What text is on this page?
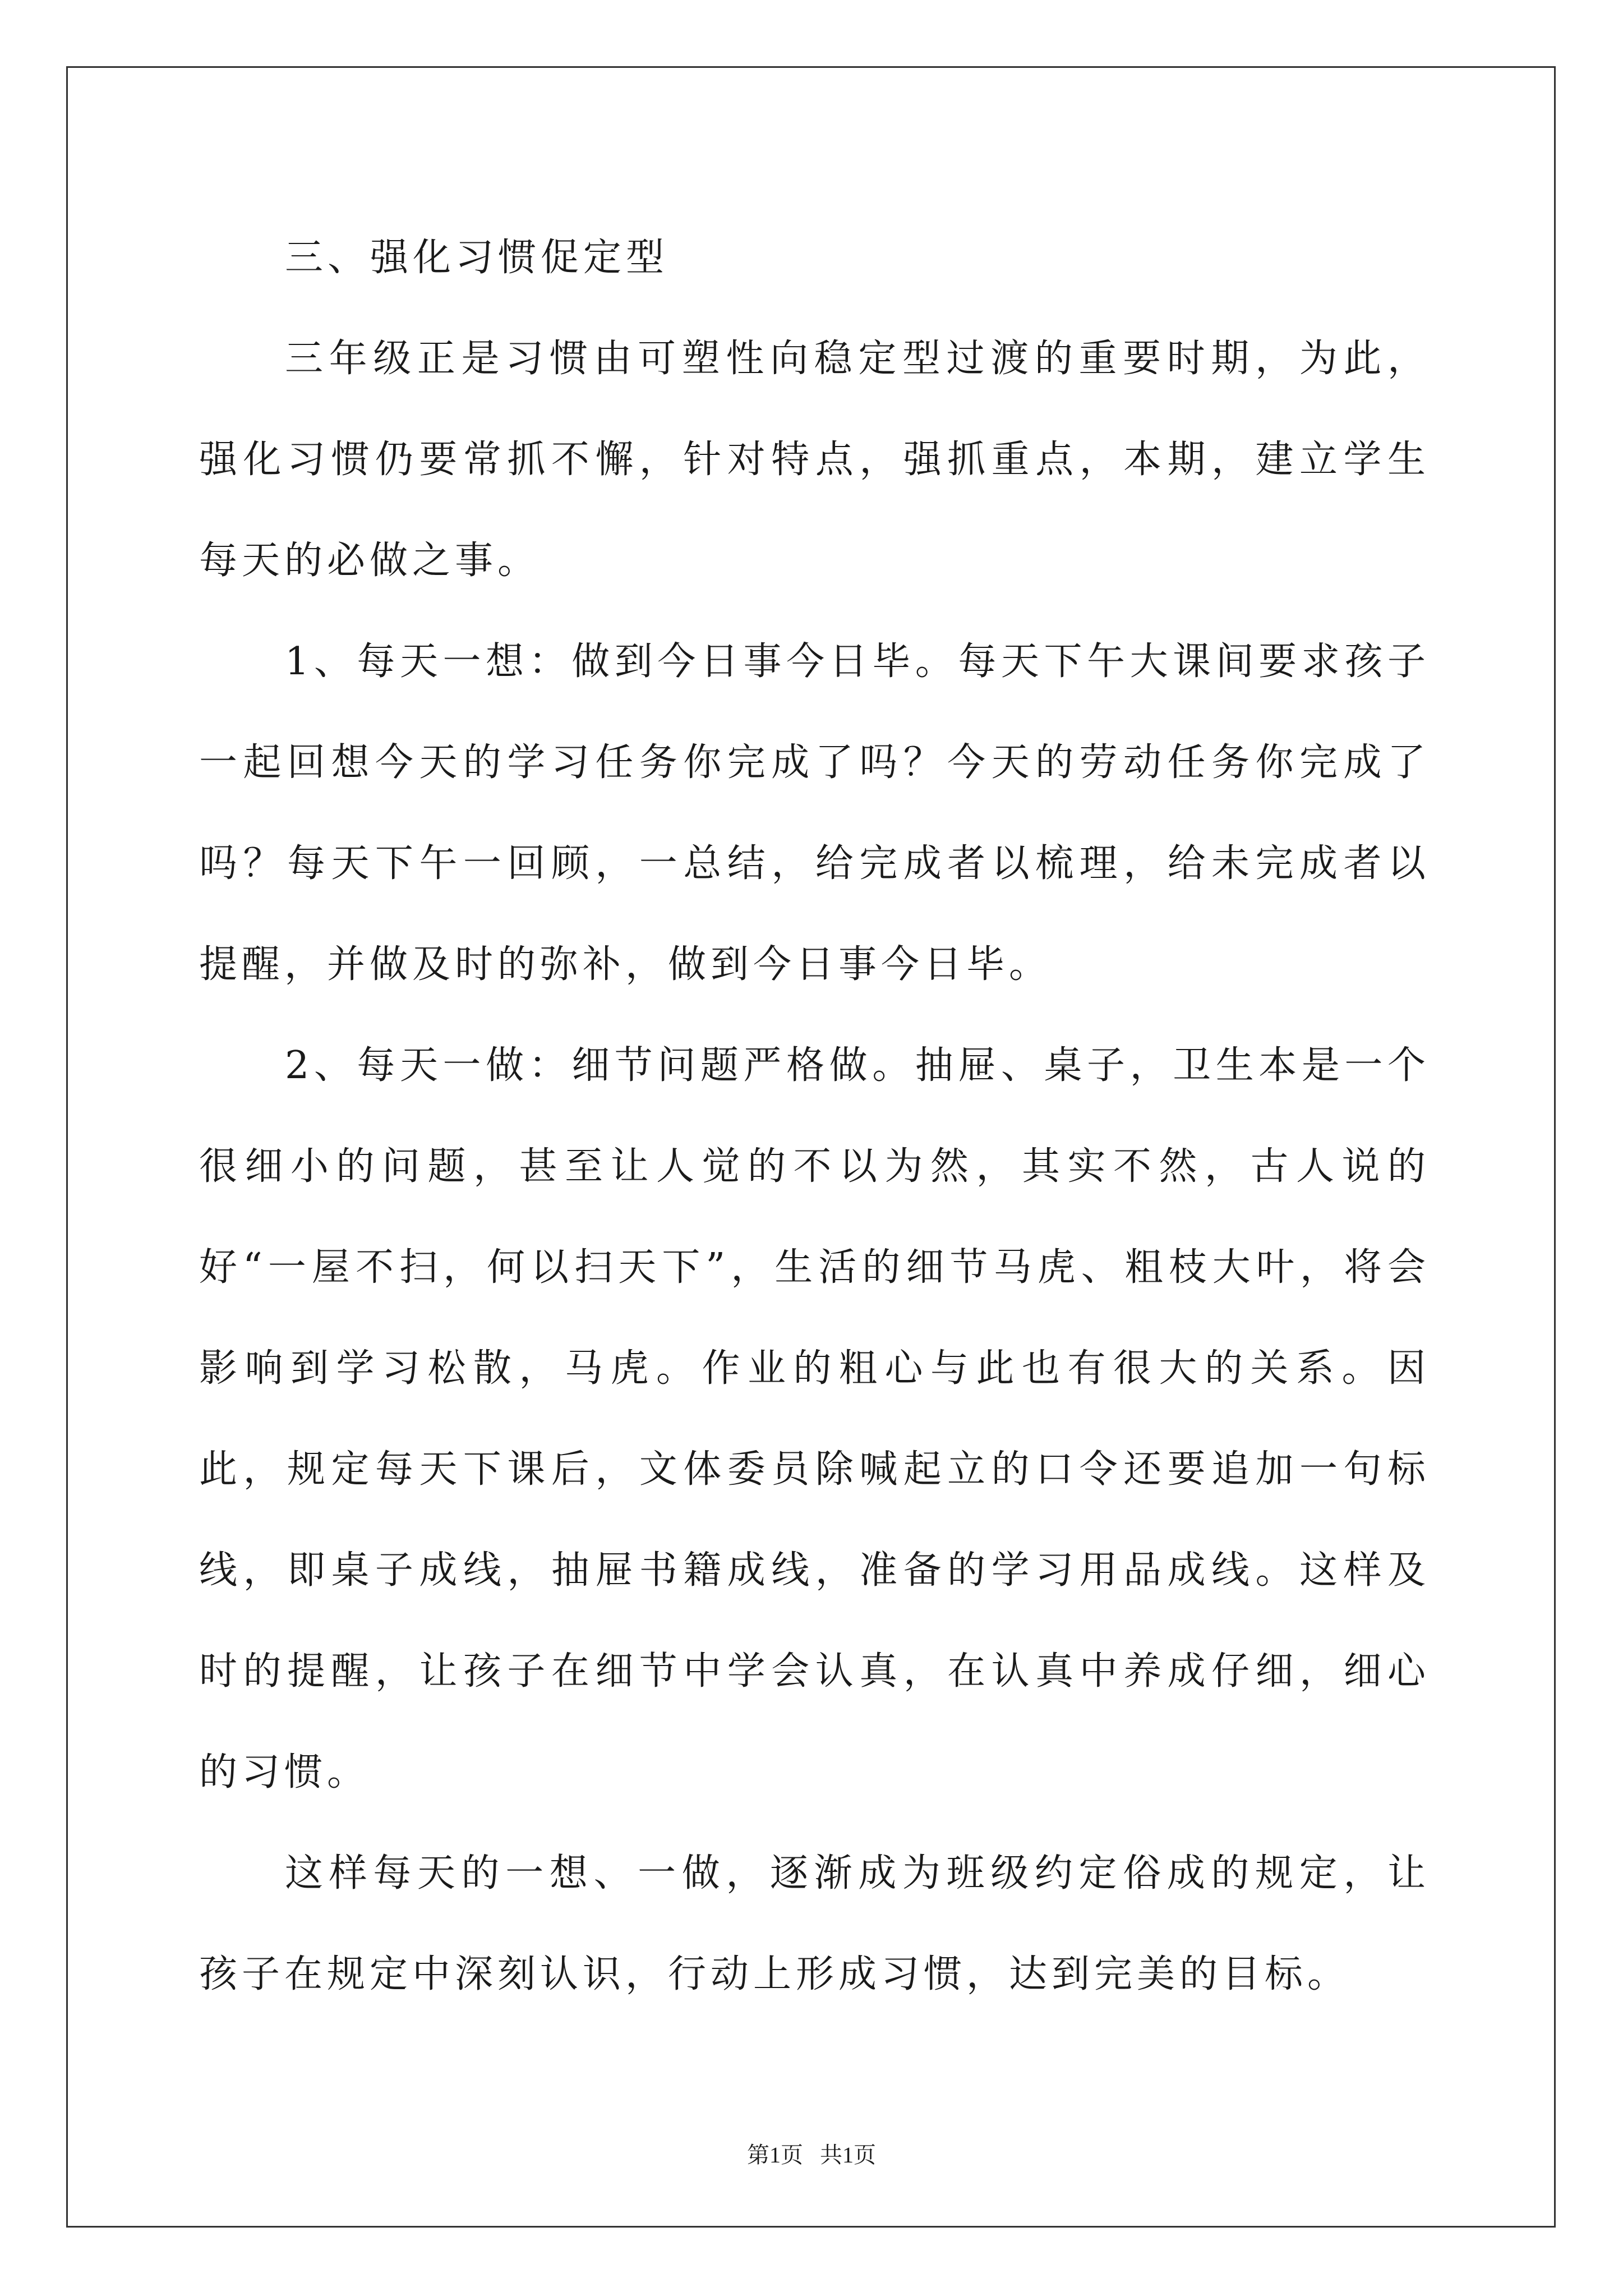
三、强化习惯促定型

三年级正是习惯由可塑性向稳定型过渡的重要时期，为此，强化习惯仍要常抓不懈，针对特点，强抓重点，本期，建立学生每天的必做之事。

1、每天一想：做到今日事今日毕。每天下午大课间要求孩子一起回想今天的学习任务你完成了吗？今天的劳动任务你完成了吗？每天下午一回顾，一总结，给完成者以梳理，给未完成者以提醒，并做及时的弥补，做到今日事今日毕。

2、每天一做：细节问题严格做。抽屉、桌子，卫生本是一个很细小的问题，甚至让人觉的不以为然，其实不然，古人说的好“一屋不扫，何以扫天下”，生活的细节马虎、粗枝大叶，将会影响到学习松散，马虎。作业的粗心与此也有很大的关系。因此，规定每天下课后，文体委员除喊起立的口令还要追加一句标线，即桌子成线，抽屉书籍成线，准备的学习用品成线。这样及时的提醒，让孩子在细节中学会认真，在认真中养成仔细，细心的习惯。

这样每天的一想、一做，逐渐成为班级约定俗成的规定，让孩子在规定中深刻认识，行动上形成习惯，达到完美的目标。

第1页   共1页
